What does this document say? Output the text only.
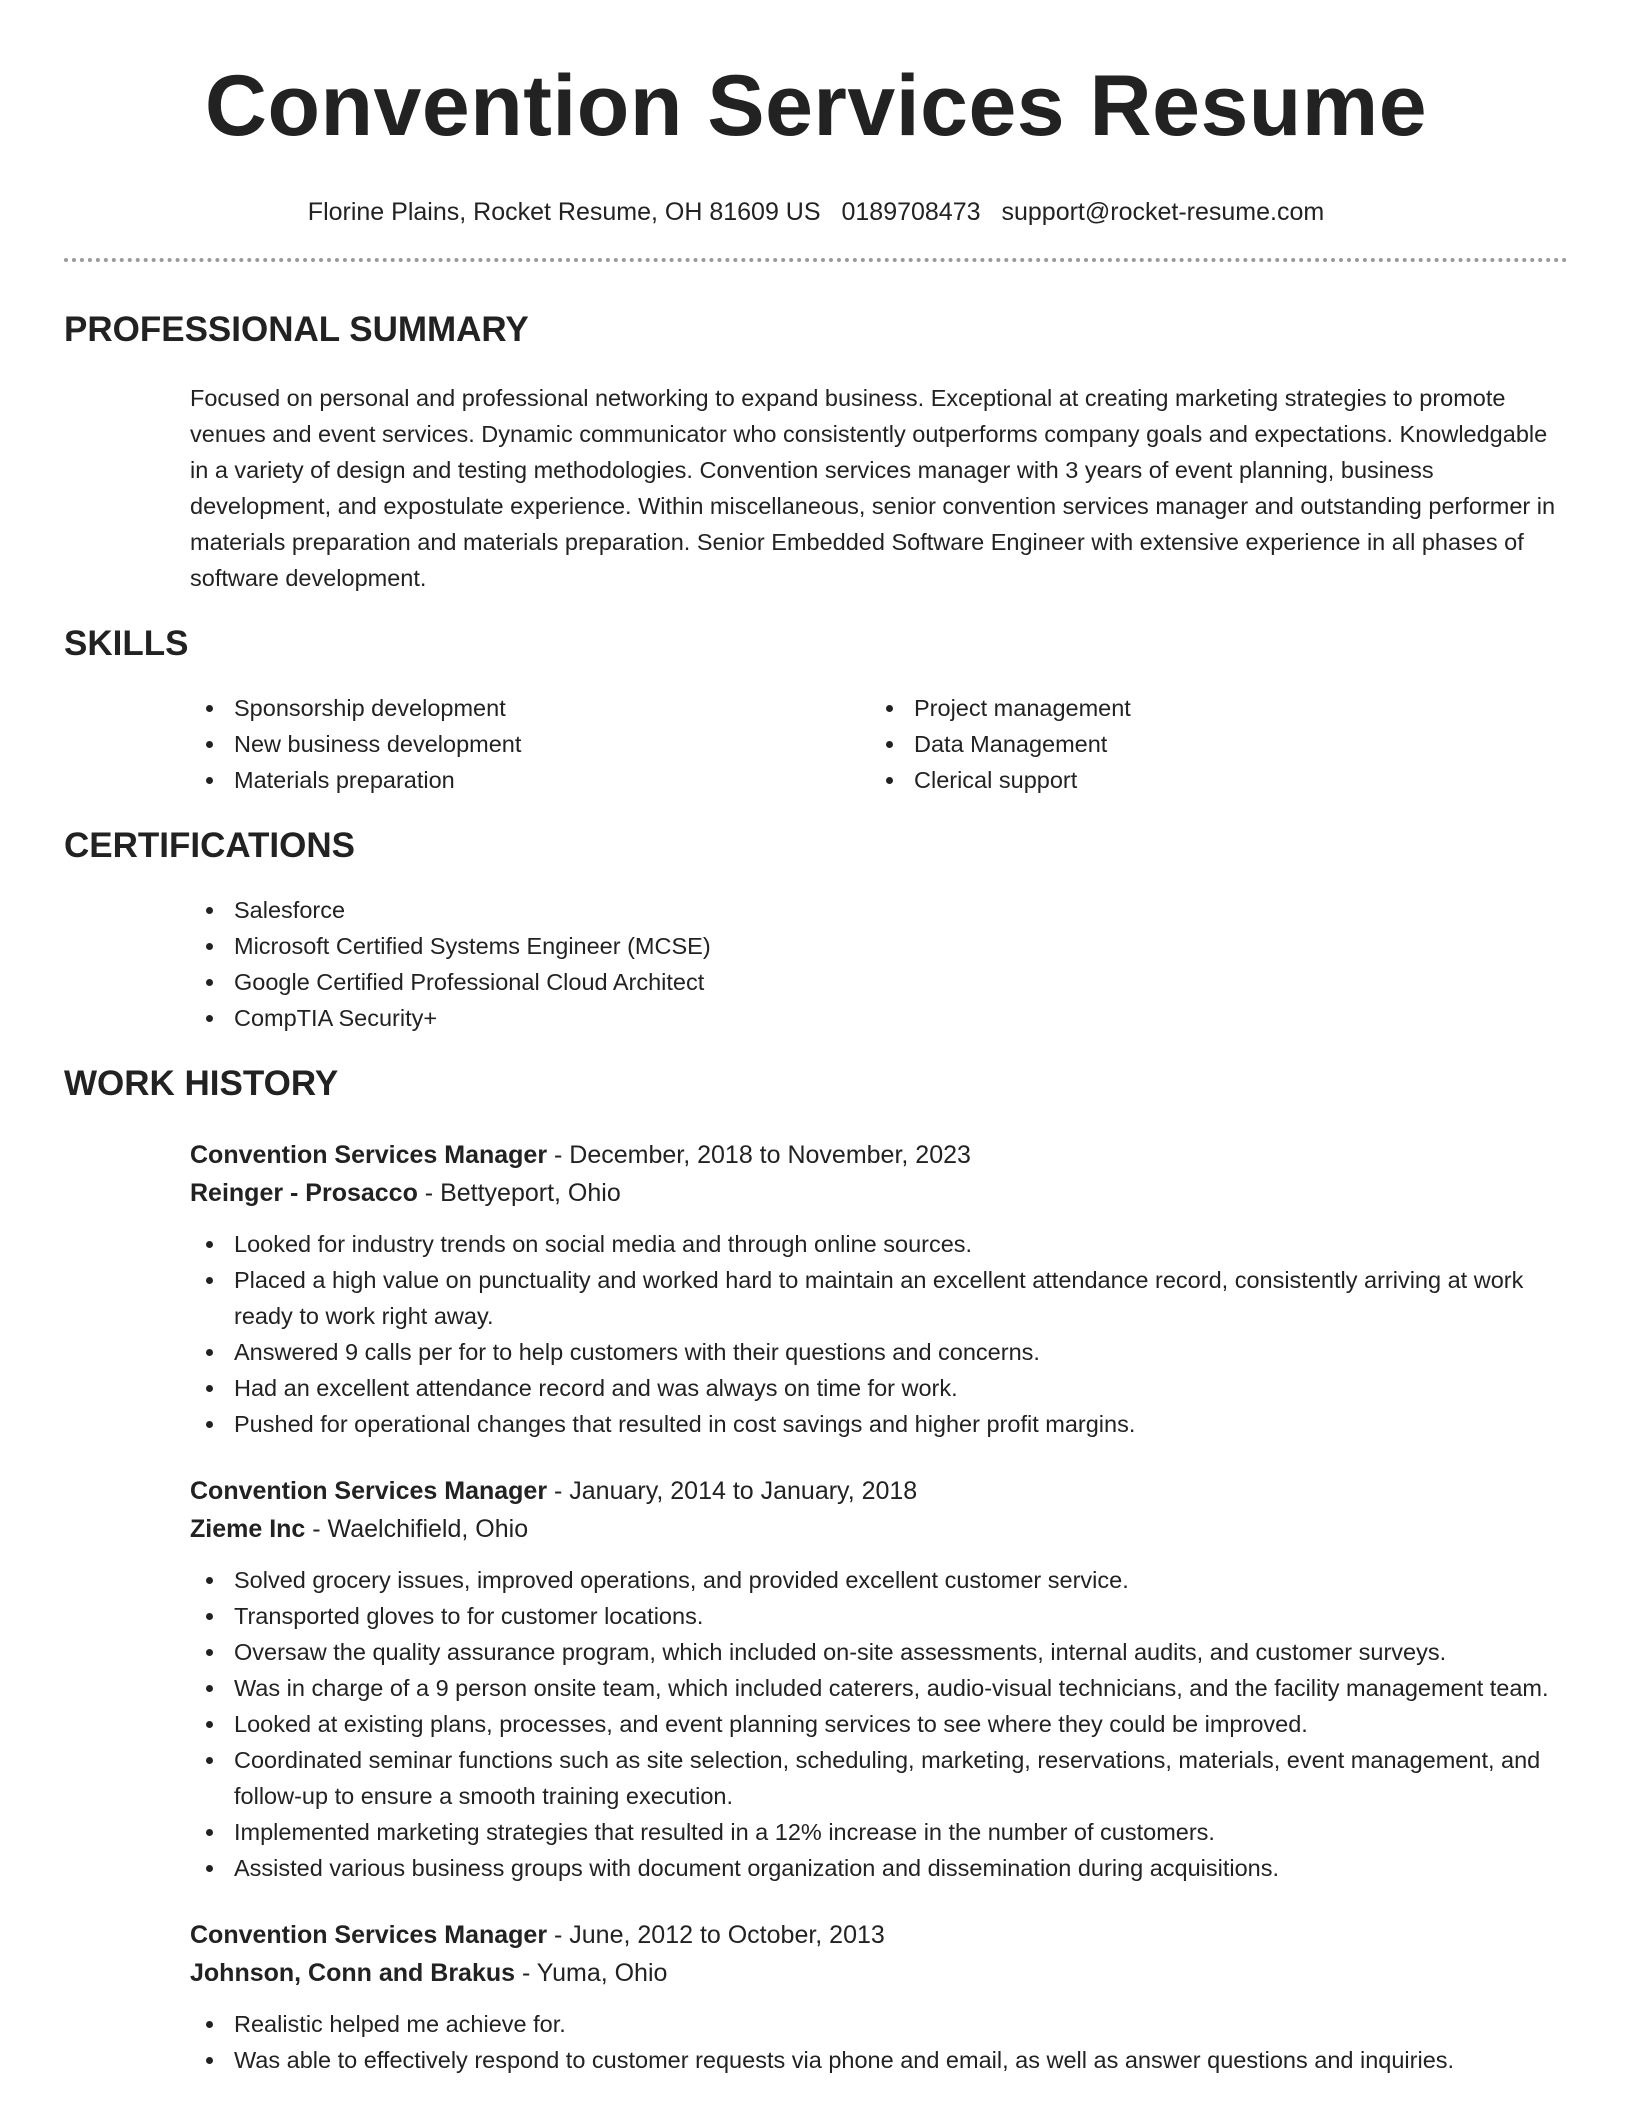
Convention Services Resume
Florine Plains, Rocket Resume, OH 81609 US 0189708473 support@rocket-resume.com
PROFESSIONAL SUMMARY

Focused on personal and professional networking to expand business. Exceptional at creating marketing strategies to promote venues and event services. Dynamic communicator who consistently outperforms company goals and expectations. Knowledgable in a variety of design and testing methodologies. Convention services manager with 3 years of event planning, business development, and expostulate experience. Within miscellaneous, senior convention services manager and outstanding performer in materials preparation and materials preparation. Senior Embedded Software Engineer with extensive experience in all phases of software development.

SKILLS
Sponsorship development
New business development
Materials preparation
Project management
Data Management
Clerical support
CERTIFICATIONS
Salesforce
Microsoft Certified Systems Engineer (MCSE)
Google Certified Professional Cloud Architect
CompTIA Security+
WORK HISTORY
Convention Services Manager - December, 2018 to November, 2023
Reinger - Prosacco - Bettyeport, Ohio
Looked for industry trends on social media and through online sources.
Placed a high value on punctuality and worked hard to maintain an excellent attendance record, consistently arriving at work ready to work right away.
Answered 9 calls per for to help customers with their questions and concerns.
Had an excellent attendance record and was always on time for work.
Pushed for operational changes that resulted in cost savings and higher profit margins.
Convention Services Manager - January, 2014 to January, 2018
Zieme Inc - Waelchifield, Ohio
Solved grocery issues, improved operations, and provided excellent customer service.
Transported gloves to for customer locations.
Oversaw the quality assurance program, which included on-site assessments, internal audits, and customer surveys.
Was in charge of a 9 person onsite team, which included caterers, audio-visual technicians, and the facility management team.
Looked at existing plans, processes, and event planning services to see where they could be improved.
Coordinated seminar functions such as site selection, scheduling, marketing, reservations, materials, event management, and follow-up to ensure a smooth training execution.
Implemented marketing strategies that resulted in a 12% increase in the number of customers.
Assisted various business groups with document organization and dissemination during acquisitions.
Convention Services Manager - June, 2012 to October, 2013
Johnson, Conn and Brakus - Yuma, Ohio
Realistic helped me achieve for.
Was able to effectively respond to customer requests via phone and email, as well as answer questions and inquiries.
